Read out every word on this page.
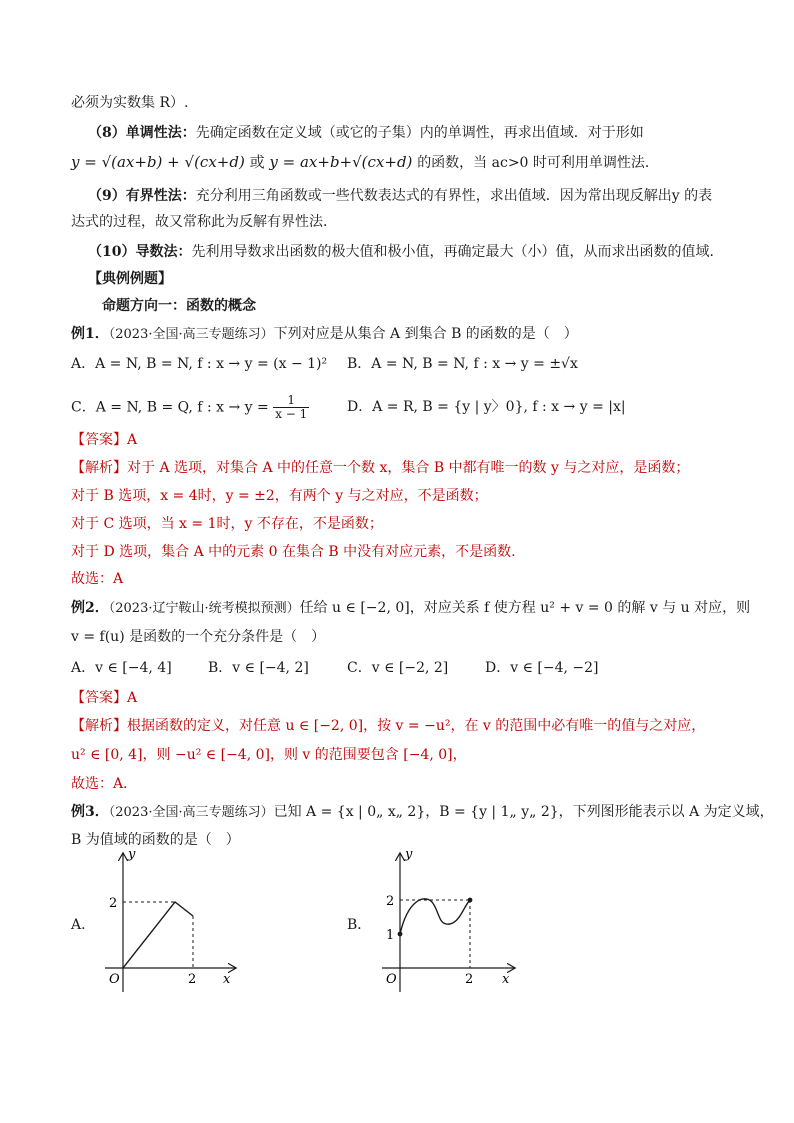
必须为实数集 R）.
（8）单调性法：先确定函数在定义域（或它的子集）内的单调性，再求出值域．对于形如
y = √(ax+b) + √(cx+d) 或 y = ax+b+√(cx+d) 的函数，当 ac>0 时可利用单调性法．
（9）有界性法：充分利用三角函数或一些代数表达式的有界性，求出值域．因为常出现反解出y 的表
达式的过程，故又常称此为反解有界性法．
（10）导数法：先利用导数求出函数的极大值和极小值，再确定最大（小）值，从而求出函数的值域．
【典例例题】
命题方向一：函数的概念
例1．（2023·全国·高三专题练习）下列对应是从集合 A 到集合 B 的函数的是（　）
A．A = N, B = N, f : x → y = (x − 1)² B．A = N, B = N, f : x → y = ±√x
C．A = N, B = Q, f : $x \to y = \frac{1}{x - 1}$	D．A = R, B = {y | y〉0}, f : x → y = |x|
【答案】A
【解析】对于 A 选项，对集合 A 中的任意一个数 x，集合 B 中都有唯一的数 y 与之对应，是函数；
对于 B 选项，x = 4时，y = ±2，有两个 y 与之对应，不是函数；
对于 C 选项，当 x = 1时，y 不存在，不是函数；
对于 D 选项，集合 A 中的元素 0 在集合 B 中没有对应元素，不是函数.
故选：A
例2．（2023·辽宁鞍山·统考模拟预测）任给 u ∈ [−2, 0]，对应关系 f 使方程 u² + v = 0 的解 v 与 u 对应，则
v = f(u) 是函数的一个充分条件是（　）
A．v ∈ [−4, 4]	B．v ∈ [−4, 2]	C．v ∈ [−2, 2]	D．v ∈ [−4, −2]
【答案】A
【解析】根据函数的定义，对任意 u ∈ [−2, 0]，按 v = −u²，在 v 的范围中必有唯一的值与之对应，
u² ∈ [0, 4]，则 −u² ∈ [−4, 0]，则 v 的范围要包含 [−4, 0]，
故选：A．
例3．（2023·全国·高三专题练习）已知 A = {x | 0„ x„ 2}，B = {y | 1„ y„ 2}，下列图形能表示以 A 为定义域，
B 为值域的函数的是（　）
A．
y
x
O
2
2
B．
y
x
O
2
1
2
